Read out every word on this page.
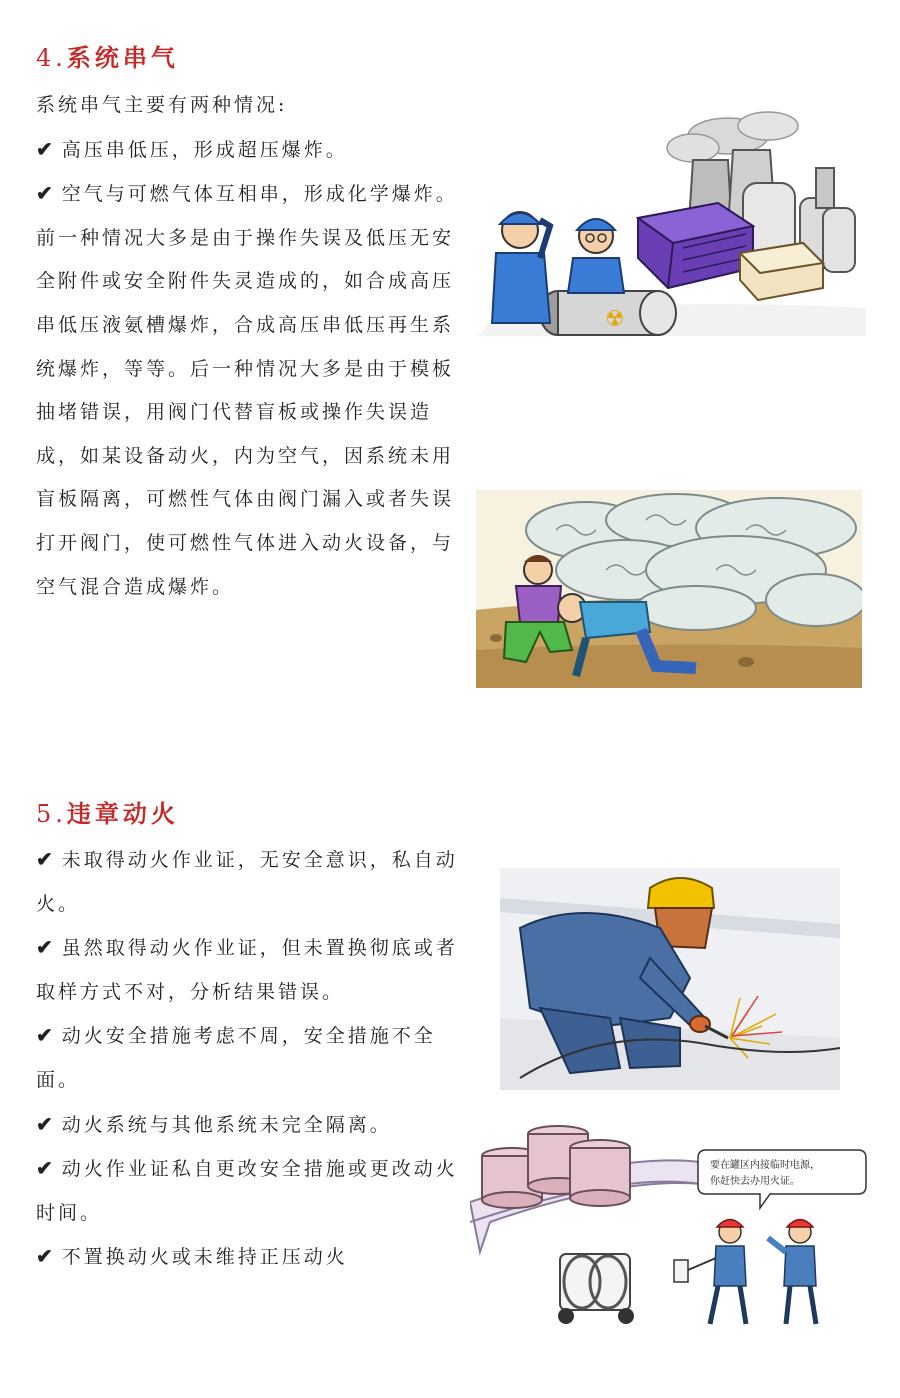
4.系统串气

系统串气主要有两种情况:

✔ 高压串低压，形成超压爆炸。

✔ 空气与可燃气体互相串，形成化学爆炸。

前一种情况大多是由于操作失误及低压无安全附件或安全附件失灵造成的，如合成高压串低压液氨槽爆炸，合成高压串低压再生系统爆炸，等等。后一种情况大多是由于模板抽堵错误，用阀门代替盲板或操作失误造成，如某设备动火，内为空气，因系统未用盲板隔离，可燃性气体由阀门漏入或者失误打开阀门，使可燃性气体进入动火设备，与空气混合造成爆炸。

☢
5.违章动火

✔ 未取得动火作业证，无安全意识，私自动火。

✔ 虽然取得动火作业证，但未置换彻底或者取样方式不对，分析结果错误。

✔ 动火安全措施考虑不周，安全措施不全面。

✔ 动火系统与其他系统未完全隔离。

✔ 动火作业证私自更改安全措施或更改动火时间。

✔ 不置换动火或未维持正压动火

要在罐区内接临时电源，
你赶快去办用火证。
